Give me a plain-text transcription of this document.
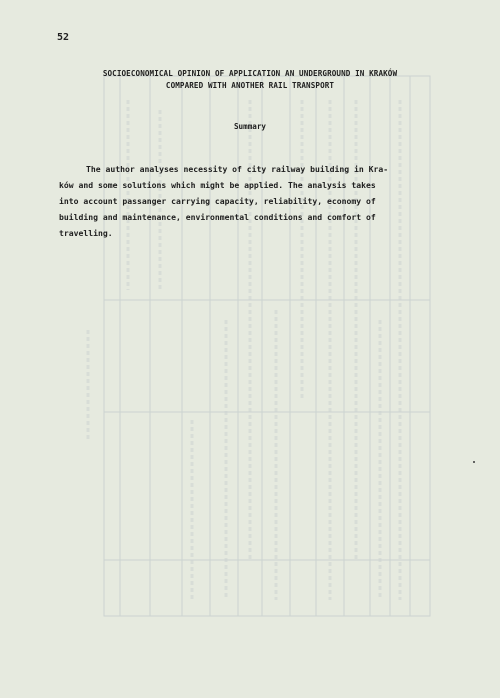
52
SOCIOECONOMICAL OPINION OF APPLICATION AN UNDERGROUND IN KRAKÓW
COMPARED WITH ANOTHER RAIL TRANSPORT
Summary
The author analyses necessity of city railway building in Kra-
ków and some solutions which might be applied. The analysis takes
into account passanger carrying capacity, reliability, economy of
building and maintenance, environmental conditions and comfort of
travelling.
